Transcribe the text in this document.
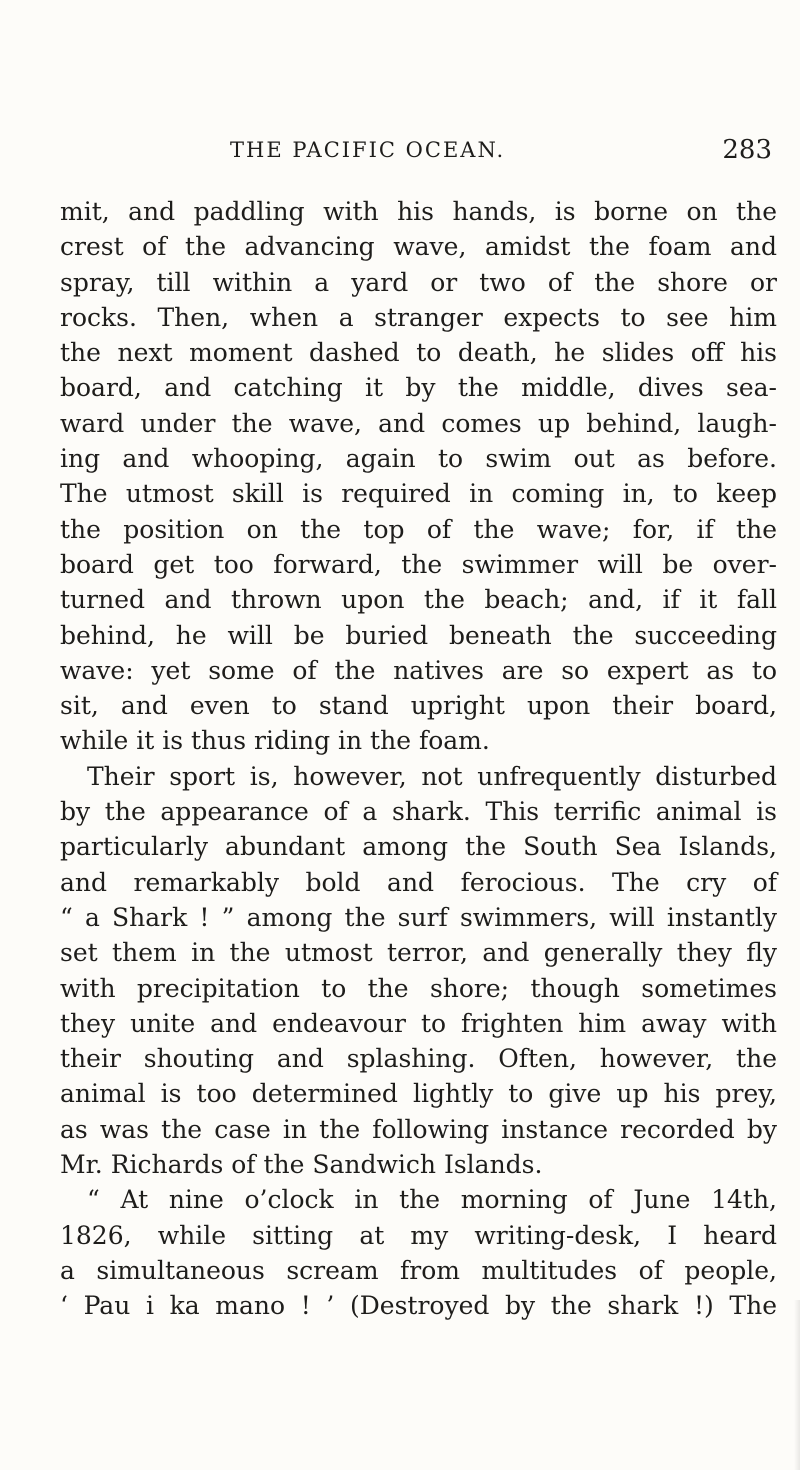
THE PACIFIC OCEAN.	283
mit, and paddling with his hands, is borne on the
crest of the advancing wave, amidst the foam and
spray, till within a yard or two of the shore or
rocks. Then, when a stranger expects to see him
the next moment dashed to death, he slides off his
board, and catching it by the middle, dives sea-
ward under the wave, and comes up behind, laugh-
ing and whooping, again to swim out as before.
The utmost skill is required in coming in, to keep
the position on the top of the wave; for, if the
board get too forward, the swimmer will be over-
turned and thrown upon the beach; and, if it fall
behind, he will be buried beneath the succeeding
wave: yet some of the natives are so expert as to
sit, and even to stand upright upon their board,
while it is thus riding in the foam.
Their sport is, however, not unfrequently disturbed
by the appearance of a shark. This terrific animal is
particularly abundant among the South Sea Islands,
and remarkably bold and ferocious. The cry of
“ a Shark ! ” among the surf swimmers, will instantly
set them in the utmost terror, and generally they fly
with precipitation to the shore; though sometimes
they unite and endeavour to frighten him away with
their shouting and splashing. Often, however, the
animal is too determined lightly to give up his prey,
as was the case in the following instance recorded by
Mr. Richards of the Sandwich Islands.
“ At nine o’clock in the morning of June 14th,
1826, while sitting at my writing-desk, I heard
a simultaneous scream from multitudes of people,
‘ Pau i ka mano ! ’ (Destroyed by the shark !) The
